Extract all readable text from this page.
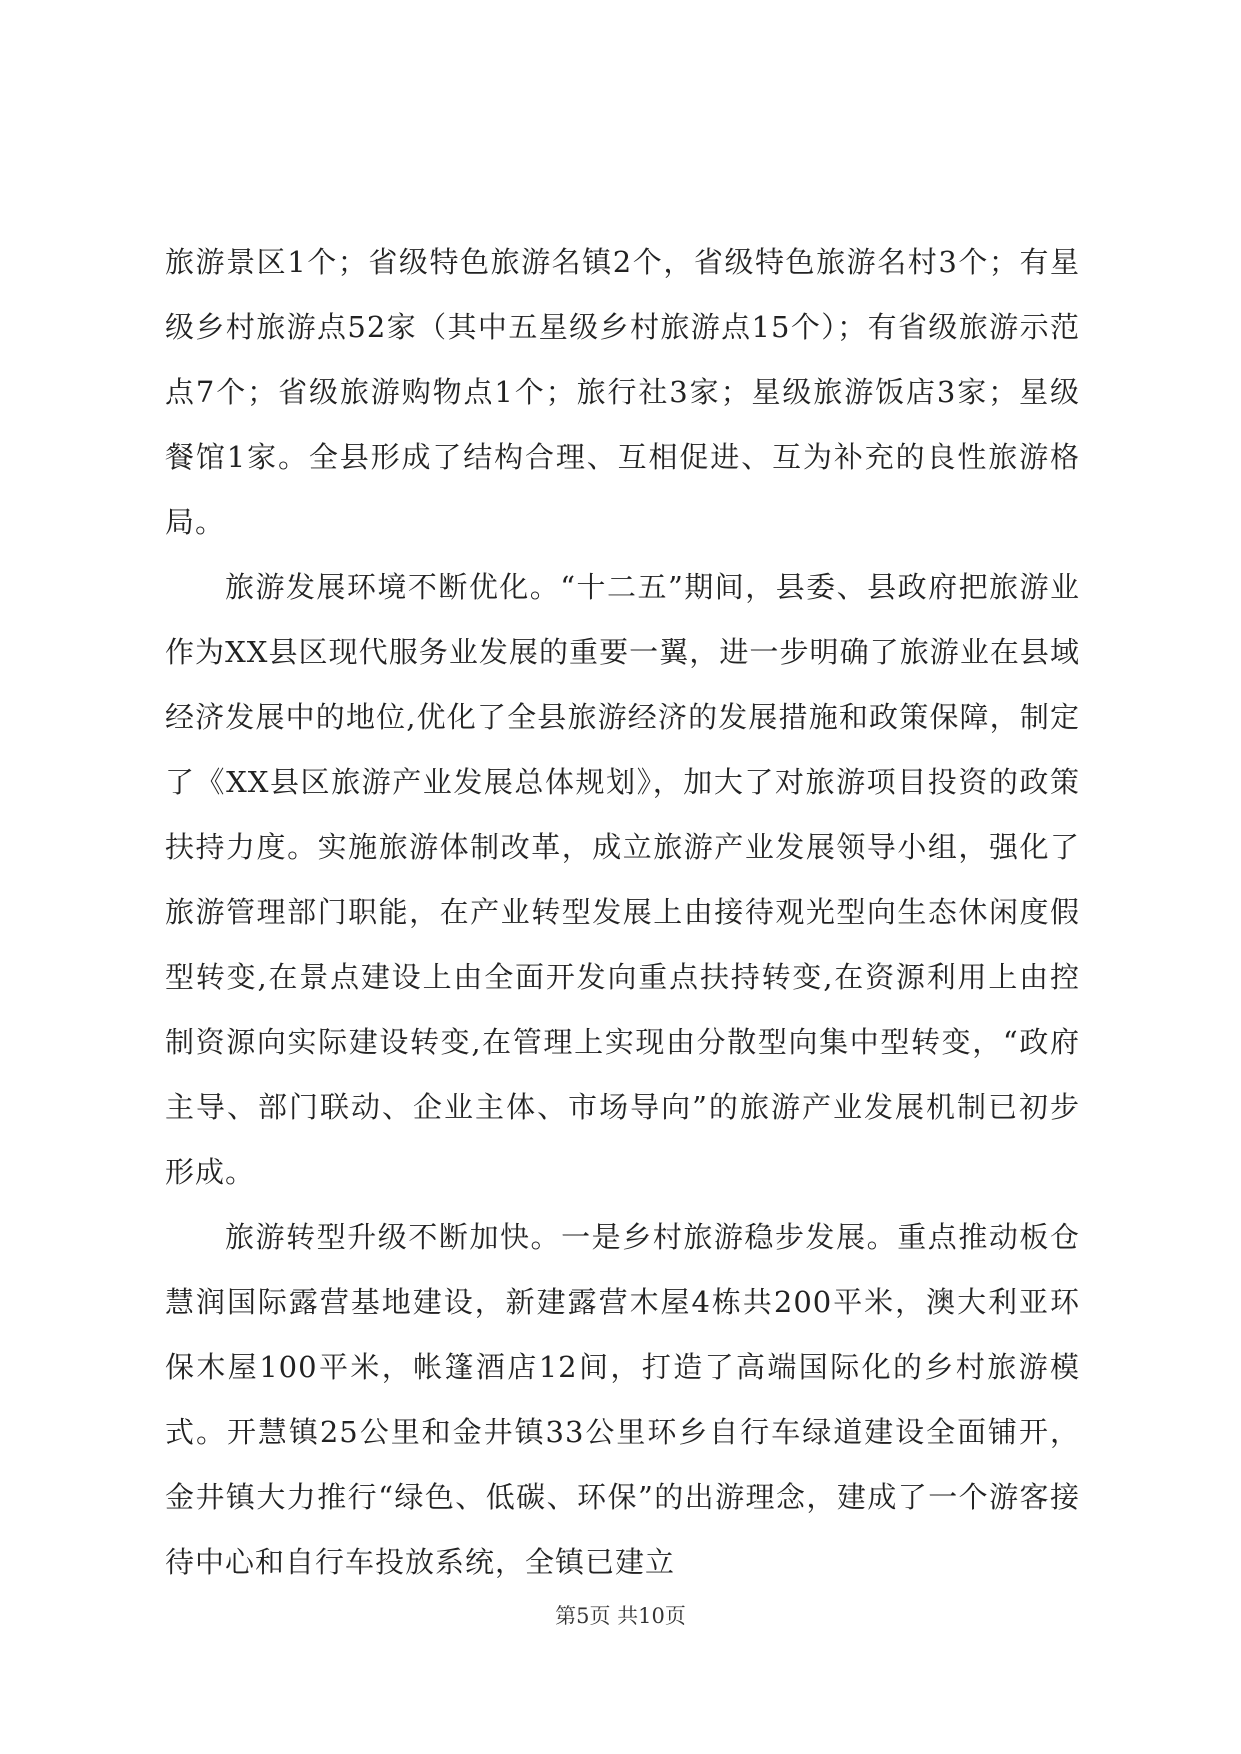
旅游景区1个；省级特色旅游名镇2个，省级特色旅游名村3个；有星级乡村旅游点52家（其中五星级乡村旅游点15个）；有省级旅游示范点7个；省级旅游购物点1个；旅行社3家；星级旅游饭店3家；星级餐馆1家。全县形成了结构合理、互相促进、互为补充的良性旅游格局。

旅游发展环境不断优化。“十二五”期间，县委、县政府把旅游业作为XX县区现代服务业发展的重要一翼，进一步明确了旅游业在县域经济发展中的地位,优化了全县旅游经济的发展措施和政策保障，制定了《XX县区旅游产业发展总体规划》，加大了对旅游项目投资的政策扶持力度。实施旅游体制改革，成立旅游产业发展领导小组，强化了旅游管理部门职能，在产业转型发展上由接待观光型向生态休闲度假型转变,在景点建设上由全面开发向重点扶持转变,在资源利用上由控制资源向实际建设转变,在管理上实现由分散型向集中型转变，“政府主导、部门联动、企业主体、市场导向”的旅游产业发展机制已初步形成。

旅游转型升级不断加快。一是乡村旅游稳步发展。重点推动板仓慧润国际露营基地建设，新建露营木屋4栋共200平米，澳大利亚环保木屋100平米，帐篷酒店12间，打造了高端国际化的乡村旅游模式。开慧镇25公里和金井镇33公里环乡自行车绿道建设全面铺开，金井镇大力推行“绿色、低碳、环保”的出游理念，建成了一个游客接待中心和自行车投放系统，全镇已建立

第5页 共10页
